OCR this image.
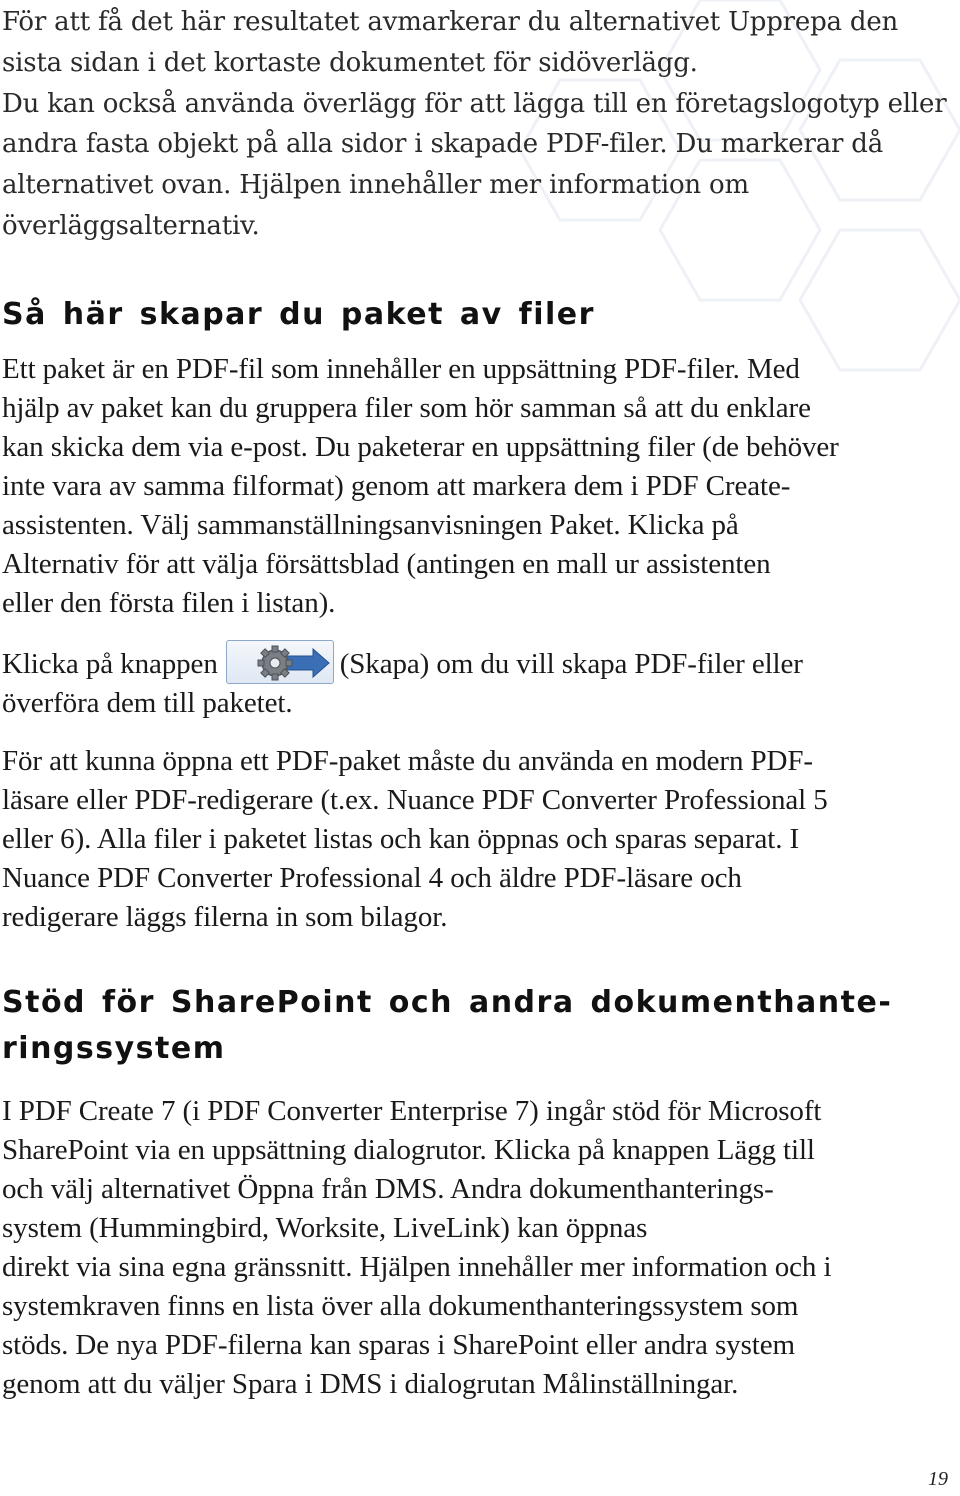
För att få det här resultatet avmarkerar du alternativet Upprepa den
sista sidan i det kortaste dokumentet för sidöverlägg.
Du kan också använda överlägg för att lägga till en företagslogotyp eller
andra fasta objekt på alla sidor i skapade PDF-filer. Du markerar då
alternativet ovan. Hjälpen innehåller mer information om
överläggsalternativ.

Så här skapar du paket av filer

Ett paket är en PDF-fil som innehåller en uppsättning PDF-filer. Med
hjälp av paket kan du gruppera filer som hör samman så att du enklare
kan skicka dem via e-post. Du paketerar en uppsättning filer (de behöver
inte vara av samma filformat) genom att markera dem i PDF Create-
assistenten. Välj sammanställningsanvisningen Paket. Klicka på
Alternativ för att välja försättsblad (antingen en mall ur assistenten
eller den första filen i listan).

Klicka på knappen	(Skapa) om du vill skapa PDF-filer eller
överföra dem till paketet.

För att kunna öppna ett PDF-paket måste du använda en modern PDF-
läsare eller PDF-redigerare (t.ex. Nuance PDF Converter Professional 5
eller 6). Alla filer i paketet listas och kan öppnas och sparas separat. I
Nuance PDF Converter Professional 4 och äldre PDF-läsare och
redigerare läggs filerna in som bilagor.

Stöd för SharePoint och andra dokumenthante-
ringssystem

I PDF Create 7 (i PDF Converter Enterprise 7) ingår stöd för Microsoft
SharePoint via en uppsättning dialogrutor. Klicka på knappen Lägg till
och välj alternativet Öppna från DMS. Andra dokumenthanterings-
system (Hummingbird, Worksite, LiveLink) kan öppnas
direkt via sina egna gränssnitt. Hjälpen innehåller mer information och i
systemkraven finns en lista över alla dokumenthanteringssystem som
stöds. De nya PDF-filerna kan sparas i SharePoint eller andra system
genom att du väljer Spara i DMS i dialogrutan Målinställningar.

19
